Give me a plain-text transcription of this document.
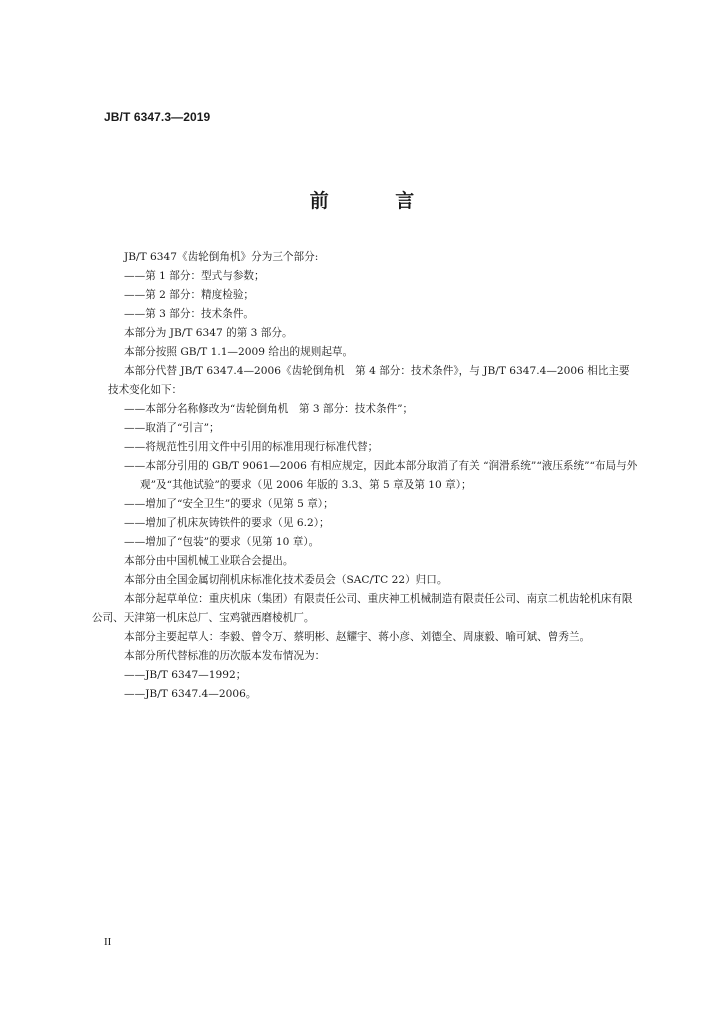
JB/T 6347.3—2019
前 言

JB/T 6347《齿轮倒角机》分为三个部分:

——第 1 部分：型式与参数；

——第 2 部分：精度检验；

——第 3 部分：技术条件。

本部分为 JB/T 6347 的第 3 部分。

本部分按照 GB/T 1.1—2009 给出的规则起草。

本部分代替 JB/T 6347.4—2006《齿轮倒角机　第 4 部分：技术条件》，与 JB/T 6347.4—2006 相比主要技术变化如下：

——本部分名称修改为“齿轮倒角机　第 3 部分：技术条件”；

——取消了“引言”；

——将规范性引用文件中引用的标准用现行标准代替；

——本部分引用的 GB/T 9061—2006 有相应规定，因此本部分取消了有关 “润滑系统”“液压系统”“布局与外观”及“其他试验”的要求（见 2006 年版的 3.3、第 5 章及第 10 章）；

——增加了“安全卫生”的要求（见第 5 章）；

——增加了机床灰铸铁件的要求（见 6.2）；

——增加了“包装”的要求（见第 10 章）。

本部分由中国机械工业联合会提出。

本部分由全国金属切削机床标准化技术委员会（SAC/TC 22）归口。

本部分起草单位：重庆机床（集团）有限责任公司、重庆神工机械制造有限责任公司、南京二机齿轮机床有限公司、天津第一机床总厂、宝鸡虢西磨棱机厂。

本部分主要起草人：李毅、曾令万、蔡明彬、赵耀宇、蒋小彦、刘德全、周康毅、喻可斌、曾秀兰。

本部分所代替标准的历次版本发布情况为：

——JB/T 6347—1992；

——JB/T 6347.4—2006。

II
